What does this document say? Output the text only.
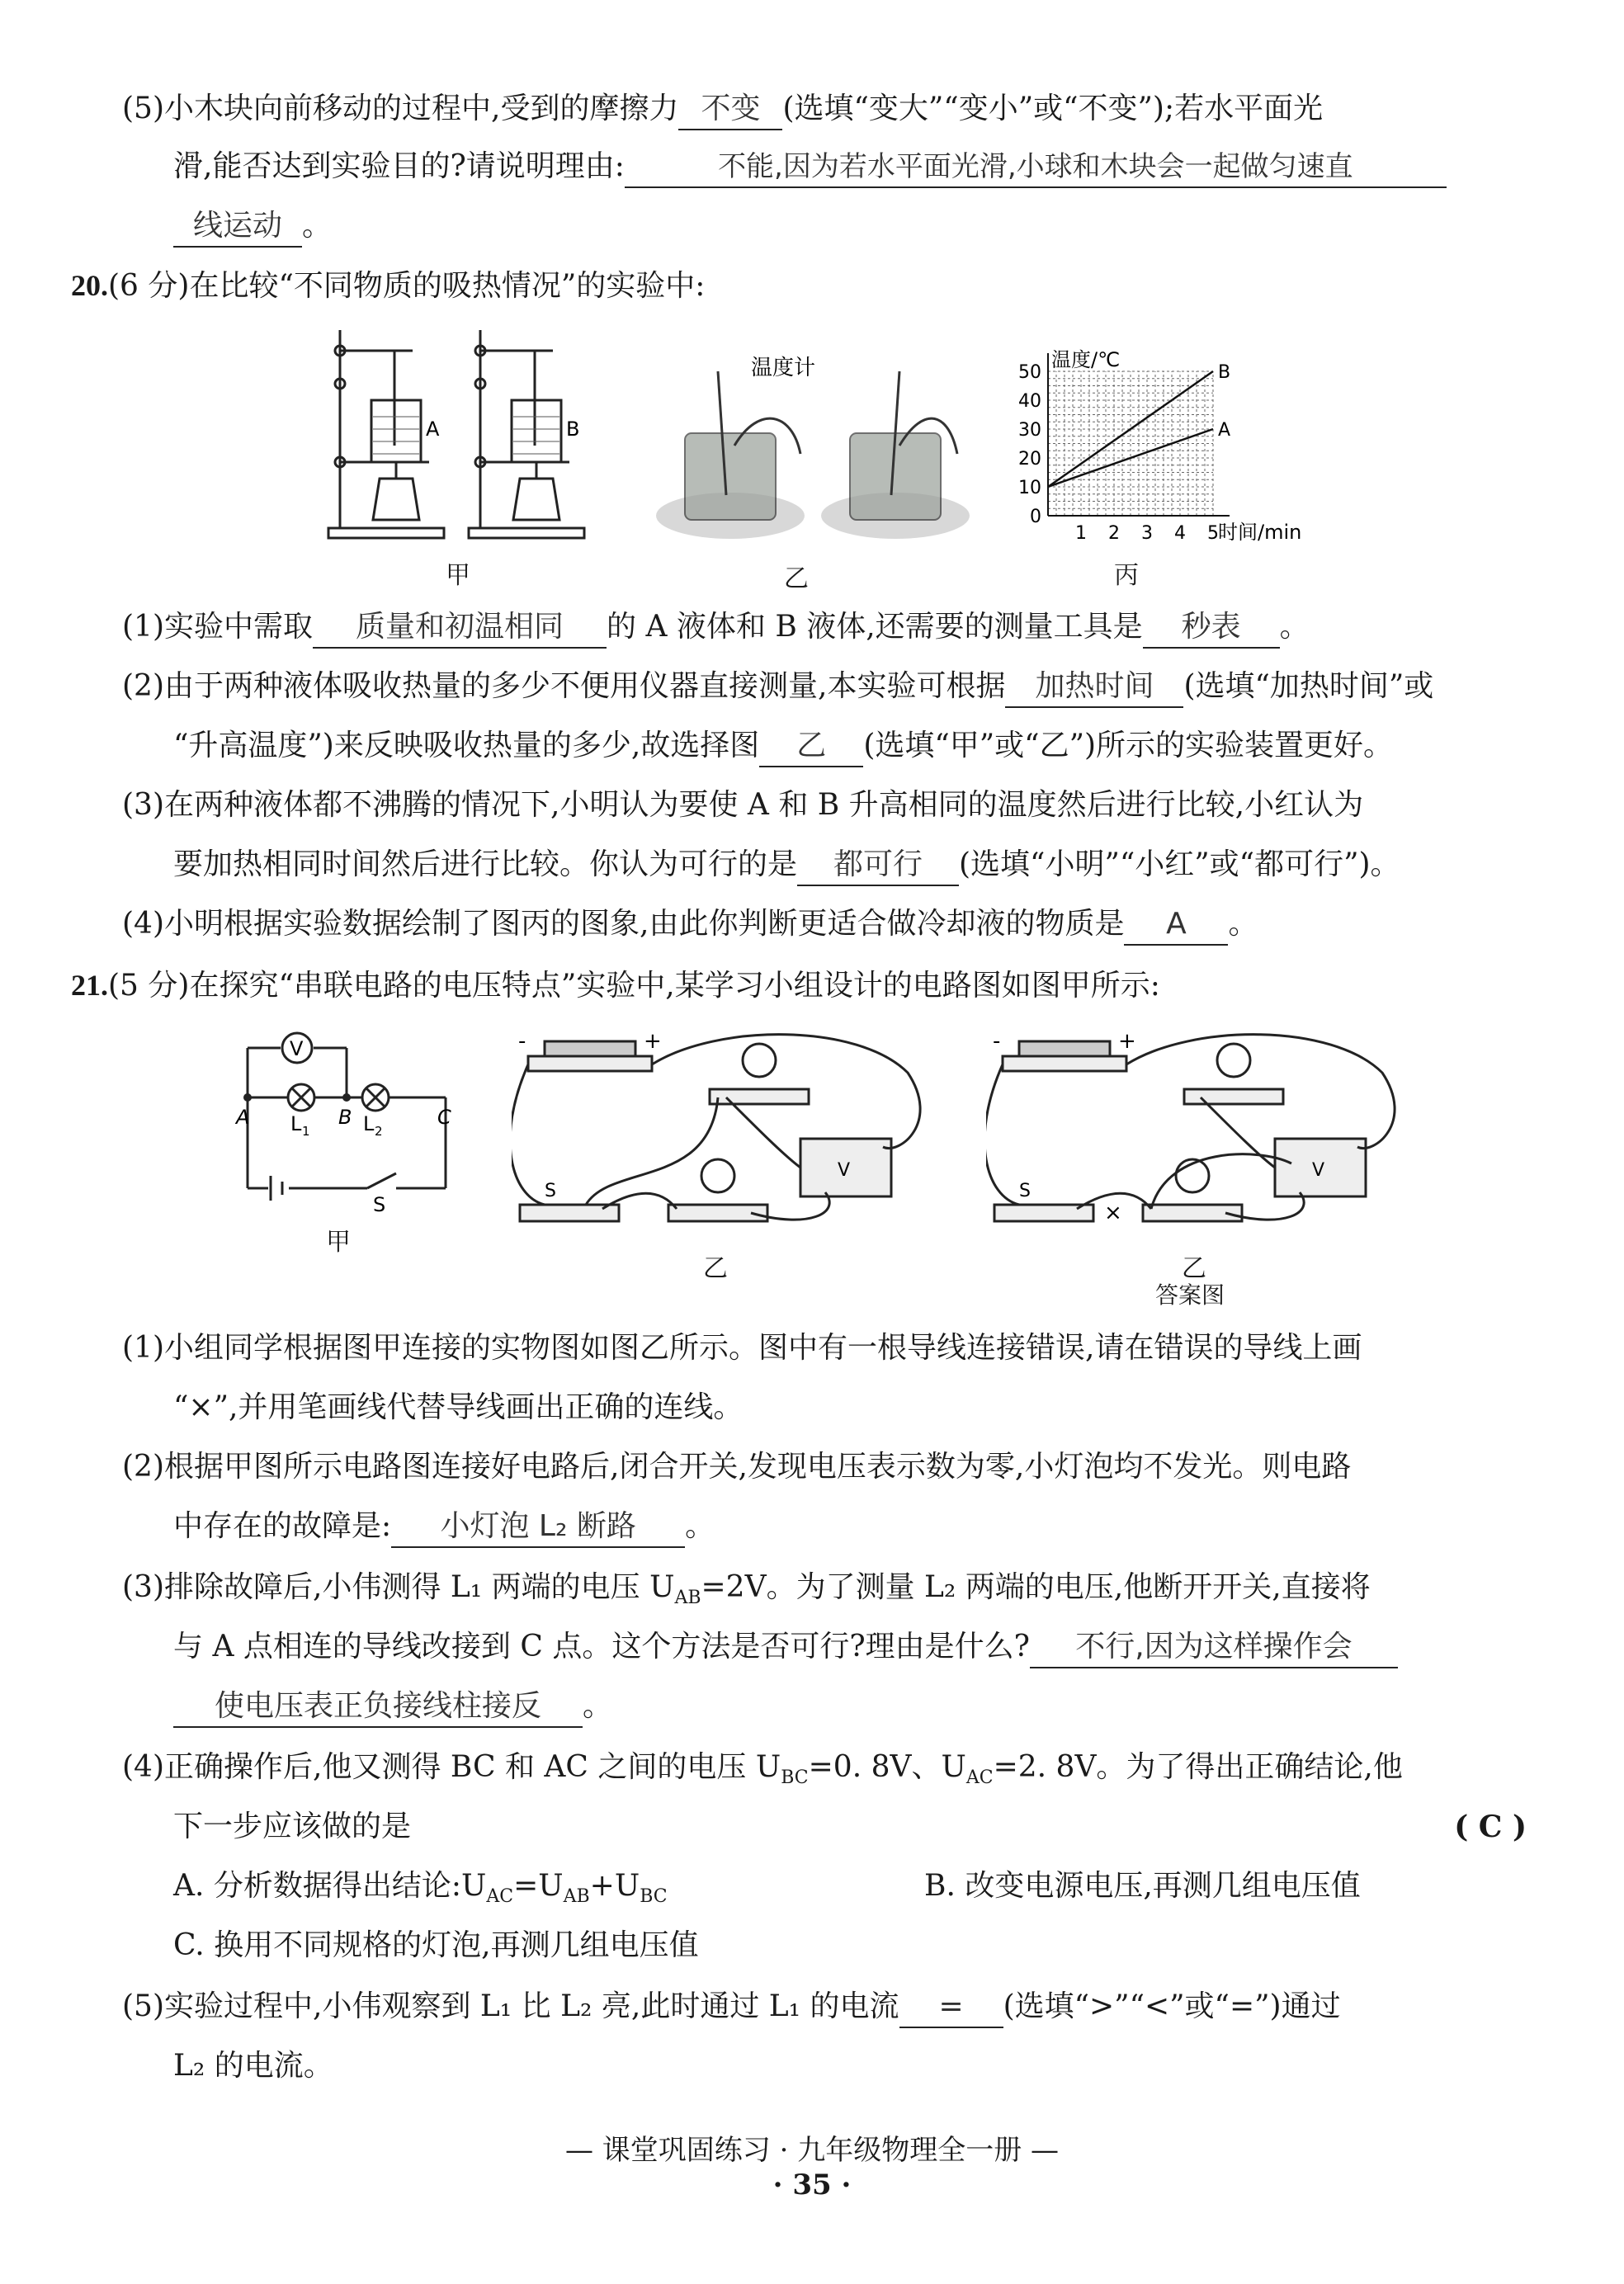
(5)小木块向前移动的过程中,受到的摩擦力 不变 (选填“变大”“变小”或“不变”);若水平面光
滑,能否达到实验目的?请说明理由:	不能,因为若水平面光滑,小球和木块会一起做匀速直
线运动 。
20.(6 分)在比较“不同物质的吸热情况”的实验中:
A	B
甲
温度计
乙
0
10
20
30
40
50
1 2 3 4 5
温度/℃
时间/min
A
B
丙
(1)实验中需取 质量和初温相同 的 A 液体和 B 液体,还需要的测量工具是 秒表 。
(2)由于两种液体吸收热量的多少不便用仪器直接测量,本实验可根据 加热时间 (选填“加热时间”或
“升高温度”)来反映吸收热量的多少,故选择图 乙 (选填“甲”或“乙”)所示的实验装置更好。
(3)在两种液体都不沸腾的情况下,小明认为要使 A 和 B 升高相同的温度然后进行比较,小红认为
要加热相同时间然后进行比较。你认为可行的是 都可行 (选填“小明”“小红”或“都可行”)。
(4)小明根据实验数据绘制了图丙的图象,由此你判断更适合做冷却液的物质是 A 。
21.(5 分)在探究“串联电路的电压特点”实验中,某学习小组设计的电路图如图甲所示:
V
A	B	C
L 1	L 2
S
甲
-	+
V
S
乙
-	+
V
S
×
乙
答案图
(1)小组同学根据图甲连接的实物图如图乙所示。图中有一根导线连接错误,请在错误的导线上画
“×”,并用笔画线代替导线画出正确的连线。
(2)根据甲图所示电路图连接好电路后,闭合开关,发现电压表示数为零,小灯泡均不发光。则电路
中存在的故障是: 小灯泡 L₂ 断路 。
(3)排除故障后,小伟测得 L₁ 两端的电压 $U_{AB}=2V$。为了测量 L₂ 两端的电压,他断开开关,直接将
与 A 点相连的导线改接到 C 点。这个方法是否可行?理由是什么? 不行,因为这样操作会
使电压表正负接线柱接反 。
(4)正确操作后,他又测得 BC 和 AC 之间的电压 $U_{BC}=0$. 8V、$U_{AC}=2$. 8V。为了得出正确结论,他
下一步应该做的是	( C )
A. 分析数据得出结论$:U_{AC}=U_{AB}+U_{BC}$	B. 改变电源电压,再测几组电压值
C. 换用不同规格的灯泡,再测几组电压值
(5)实验过程中,小伟观察到 L₁ 比 L₂ 亮,此时通过 L₁ 的电流 = (选填“>”“<”或“=”)通过
L₂ 的电流。
— 课堂巩固练习 · 九年级物理全一册 —
· 35 ·
